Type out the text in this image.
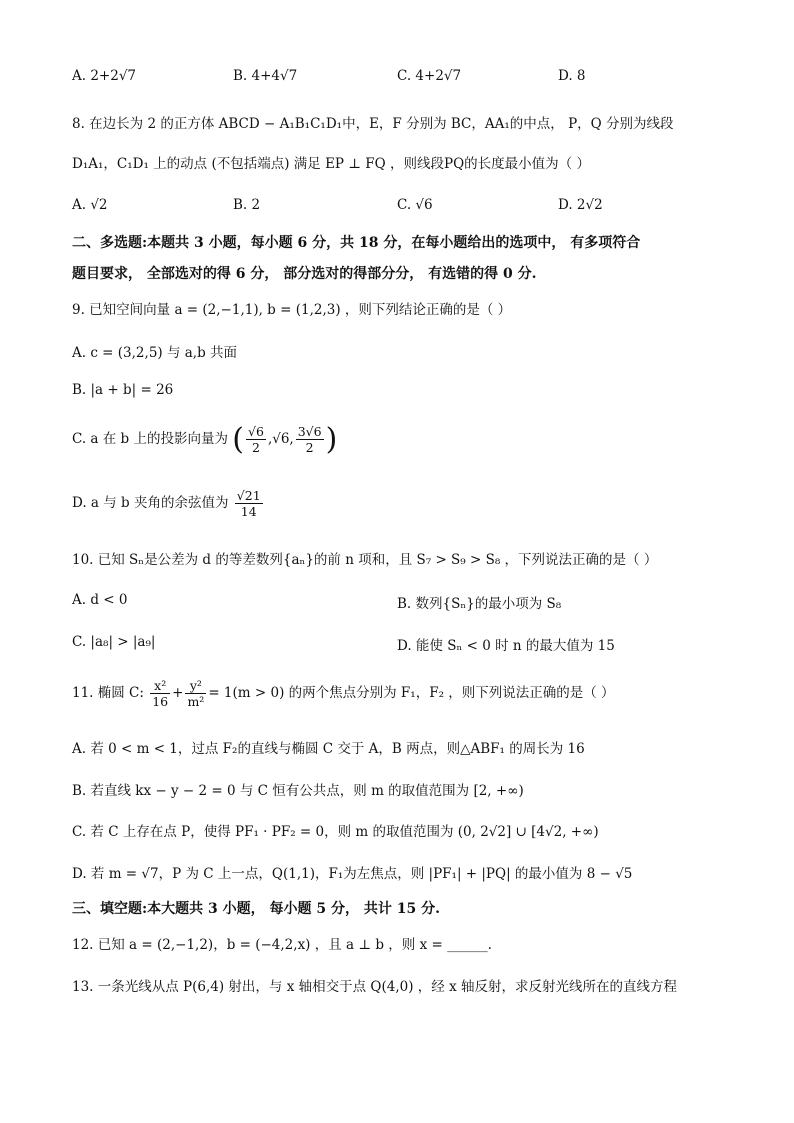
A. 2+2√7	B. 4+4√7	C. 4+2√7	D. 8
8. 在边长为 2 的正方体 ABCD − A₁B₁C₁D₁中，E，F 分别为 BC，AA₁的中点， P，Q 分别为线段
D₁A₁，C₁D₁ 上的动点 (不包括端点) 满足 EP ⊥ FQ ，则线段PQ的长度最小值为（ ）
A. √2	B. 2	C. √6	D. 2√2
二、多选题:本题共 3 小题，每小题 6 分，共 18 分，在每小题给出的选项中， 有多项符合
题目要求， 全部选对的得 6 分， 部分选对的得部分分， 有选错的得 0 分.
9. 已知空间向量 a = (2,−1,1), b = (1,2,3) ，则下列结论正确的是（ ）
A. c = (3,2,5) 与 a,b 共面
B. |a + b| = 26
C. a 在 b 上的投影向量为 ( $\frac{√6}{2} ,√6$, $\frac{3√6}{2}$ )
D. a 与 b 夹角的余弦值为 $\frac{√21}{14}$
10. 已知 Sₙ是公差为 d 的等差数列{aₙ}的前 n 项和，且 S₇ > S₉ > S₈ ，下列说法正确的是（ ）
A. d < 0	B. 数列{Sₙ}的最小项为 S₈
C. |a₈| > |a₉|	D. 能使 Sₙ < 0 时 n 的最大值为 15
11. 椭圆 C: $\frac{\text{x²}}{16} + \frac{\text{y²}}{\text{m²}} = 1(m > 0)$ 的两个焦点分别为 F₁，F₂ ，则下列说法正确的是（ ）
A. 若 0 < m < 1，过点 F₂的直线与椭圆 C 交于 A，B 两点，则△ABF₁ 的周长为 16
B. 若直线 kx − y − 2 = 0 与 C 恒有公共点，则 m 的取值范围为 [2, +∞)
C. 若 C 上存在点 P，使得 PF₁ · PF₂ = 0，则 m 的取值范围为 (0, 2√2] ∪ [4√2, +∞)
D. 若 m = √7，P 为 C 上一点，Q(1,1)，F₁为左焦点，则 |PF₁| + |PQ| 的最小值为 8 − √5
三、填空题:本大题共 3 小题， 每小题 5 分， 共计 15 分.
12. 已知 a = (2,−1,2)，b = (−4,2,x) ，且 a ⊥ b ，则 x = ______.
13. 一条光线从点 P(6,4) 射出，与 x 轴相交于点 Q(4,0) ，经 x 轴反射，求反射光线所在的直线方程
